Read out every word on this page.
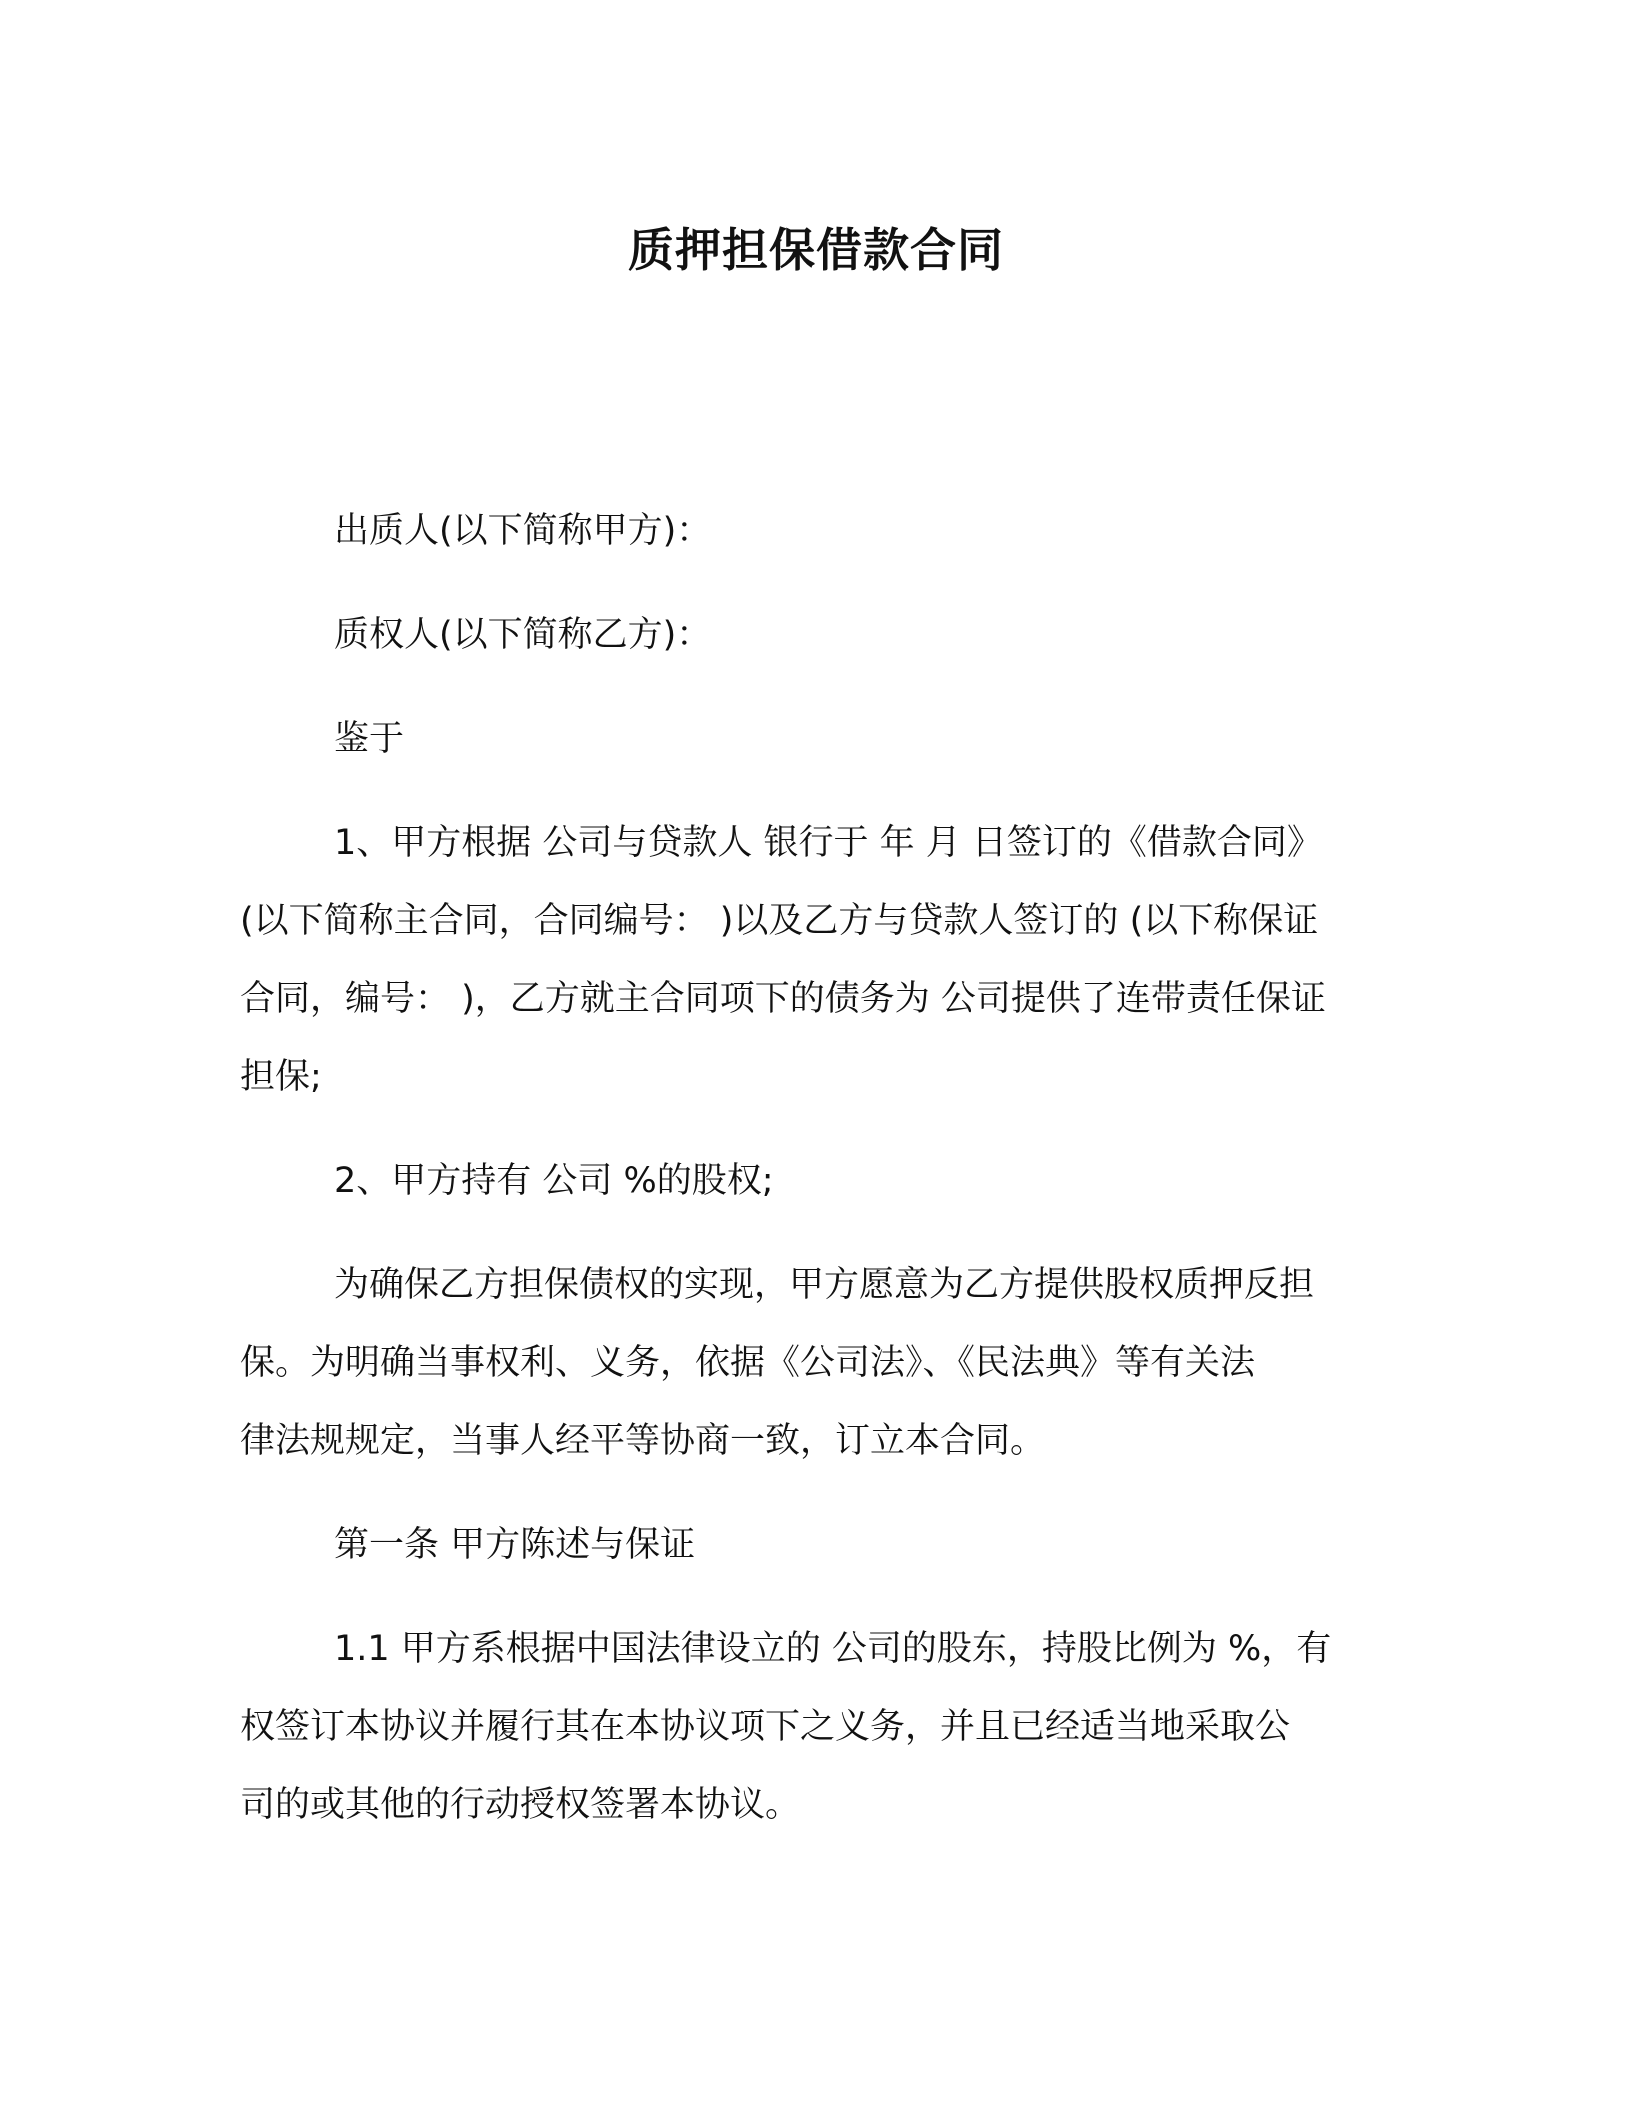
质押担保借款合同

出质人(以下简称甲方)：

质权人(以下简称乙方)：

鉴于

1、甲方根据 公司与贷款人 银行于 年 月 日签订的《借款合同》

(以下简称主合同，合同编号： )以及乙方与贷款人签订的 (以下称保证
合同，编号： )，乙方就主合同项下的债务为 公司提供了连带责任保证
担保;

2、甲方持有 公司 %的股权;

为确保乙方担保债权的实现，甲方愿意为乙方提供股权质押反担

保。为明确当事权利、义务，依据《公司法》、《民法典》等有关法
律法规规定，当事人经平等协商一致，订立本合同。

第一条 甲方陈述与保证

1.1 甲方系根据中国法律设立的 公司的股东，持股比例为 %，有

权签订本协议并履行其在本协议项下之义务，并且已经适当地采取公
司的或其他的行动授权签署本协议。
